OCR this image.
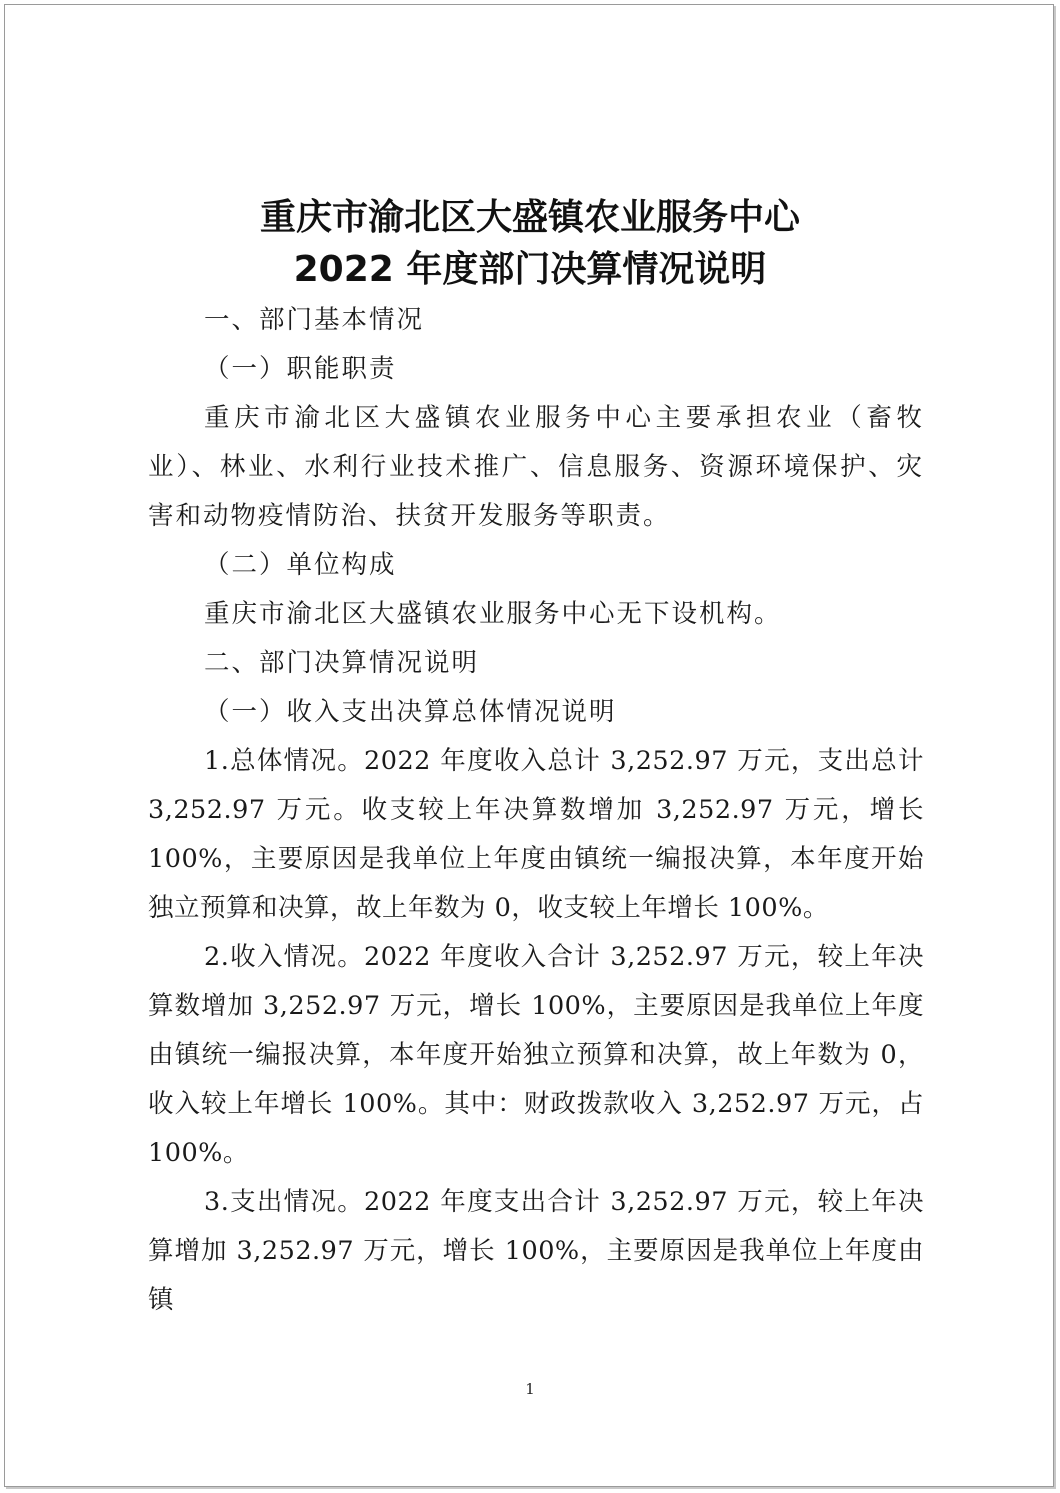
重庆市渝北区大盛镇农业服务中心
2022 年度部门决算情况说明

一、部门基本情况

（一）职能职责

重庆市渝北区大盛镇农业服务中心主要承担农业（畜牧业）、林业、水利行业技术推广、信息服务、资源环境保护、灾害和动物疫情防治、扶贫开发服务等职责。

（二）单位构成

重庆市渝北区大盛镇农业服务中心无下设机构。

二、部门决算情况说明

（一）收入支出决算总体情况说明

1.总体情况。2022 年度收入总计 3,252.97 万元，支出总计 3,252.97 万元。收支较上年决算数增加 3,252.97 万元，增长 100%，主要原因是我单位上年度由镇统一编报决算，本年度开始独立预算和决算，故上年数为 0，收支较上年增长 100%。

2.收入情况。2022 年度收入合计 3,252.97 万元，较上年决算数增加 3,252.97 万元，增长 100%，主要原因是我单位上年度由镇统一编报决算，本年度开始独立预算和决算，故上年数为 0，收入较上年增长 100%。其中：财政拨款收入 3,252.97 万元，占 100%。

3.支出情况。2022 年度支出合计 3,252.97 万元，较上年决算增加 3,252.97 万元，增长 100%，主要原因是我单位上年度由镇

1
